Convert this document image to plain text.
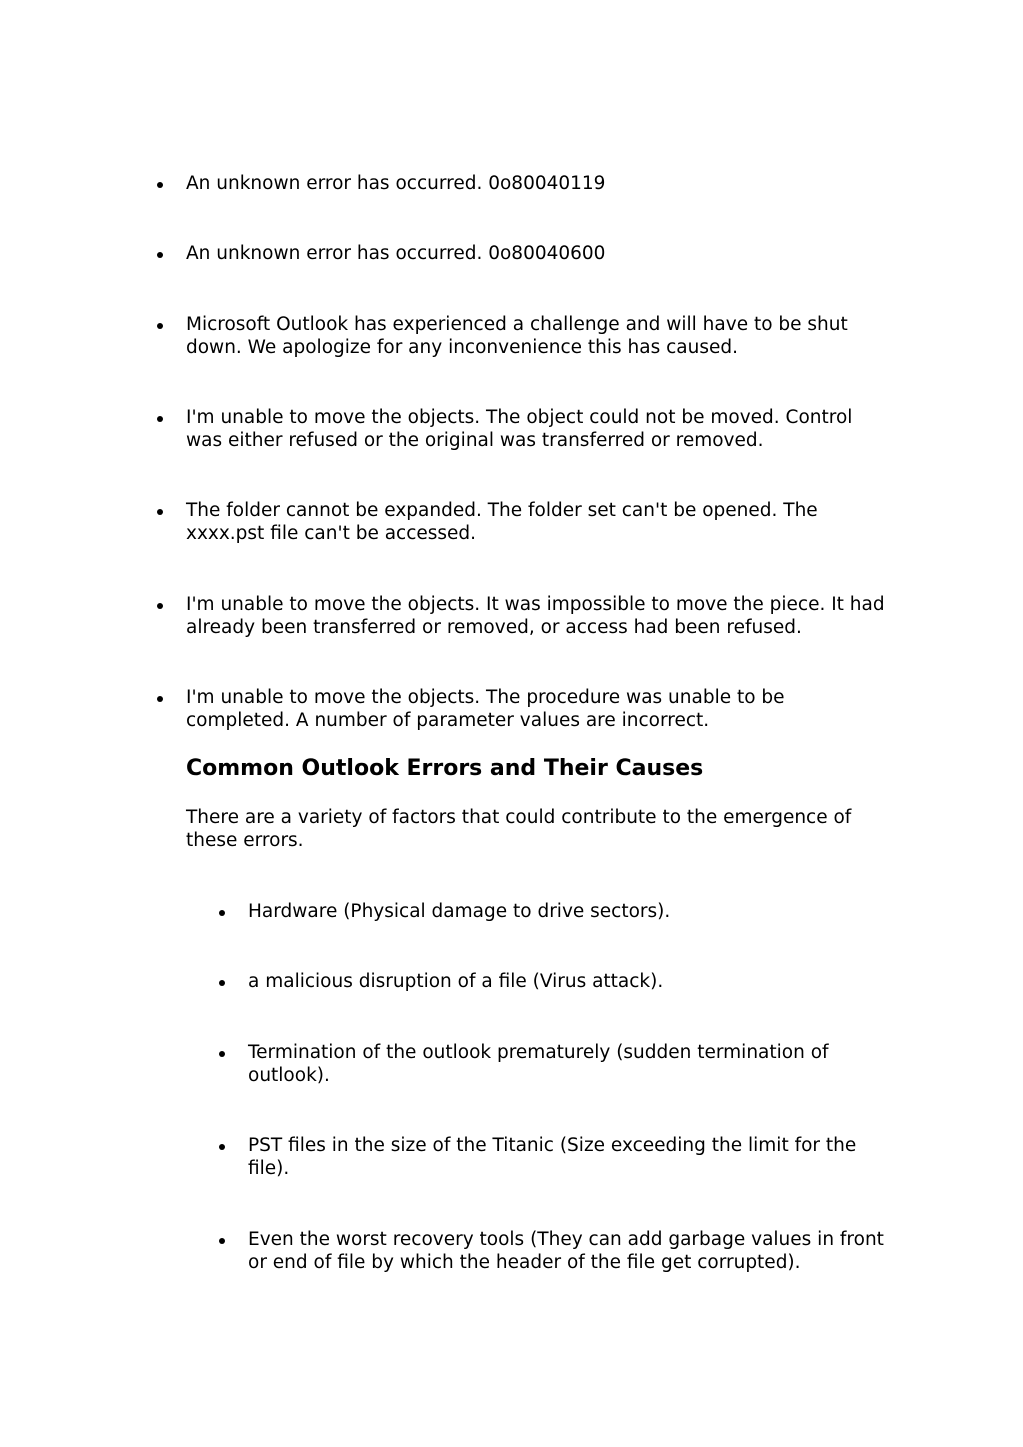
An unknown error has occurred. 0o80040119
An unknown error has occurred. 0o80040600
Microsoft Outlook has experienced a challenge and will have to be shut down. We apologize for any inconvenience this has caused.
I'm unable to move the objects. The object could not be moved. Control was either refused or the original was transferred or removed.
The folder cannot be expanded. The folder set can't be opened. The xxxx.pst file can't be accessed.
I'm unable to move the objects. It was impossible to move the piece. It had already been transferred or removed, or access had been refused.
I'm unable to move the objects. The procedure was unable to be completed. A number of parameter values are incorrect.
Common Outlook Errors and Their Causes
There are a variety of factors that could contribute to the emergence of these errors.
Hardware (Physical damage to drive sectors).
a malicious disruption of a file (Virus attack).
Termination of the outlook prematurely (sudden termination of outlook).
PST files in the size of the Titanic (Size exceeding the limit for the file).
Even the worst recovery tools (They can add garbage values in front or end of file by which the header of the file get corrupted).
